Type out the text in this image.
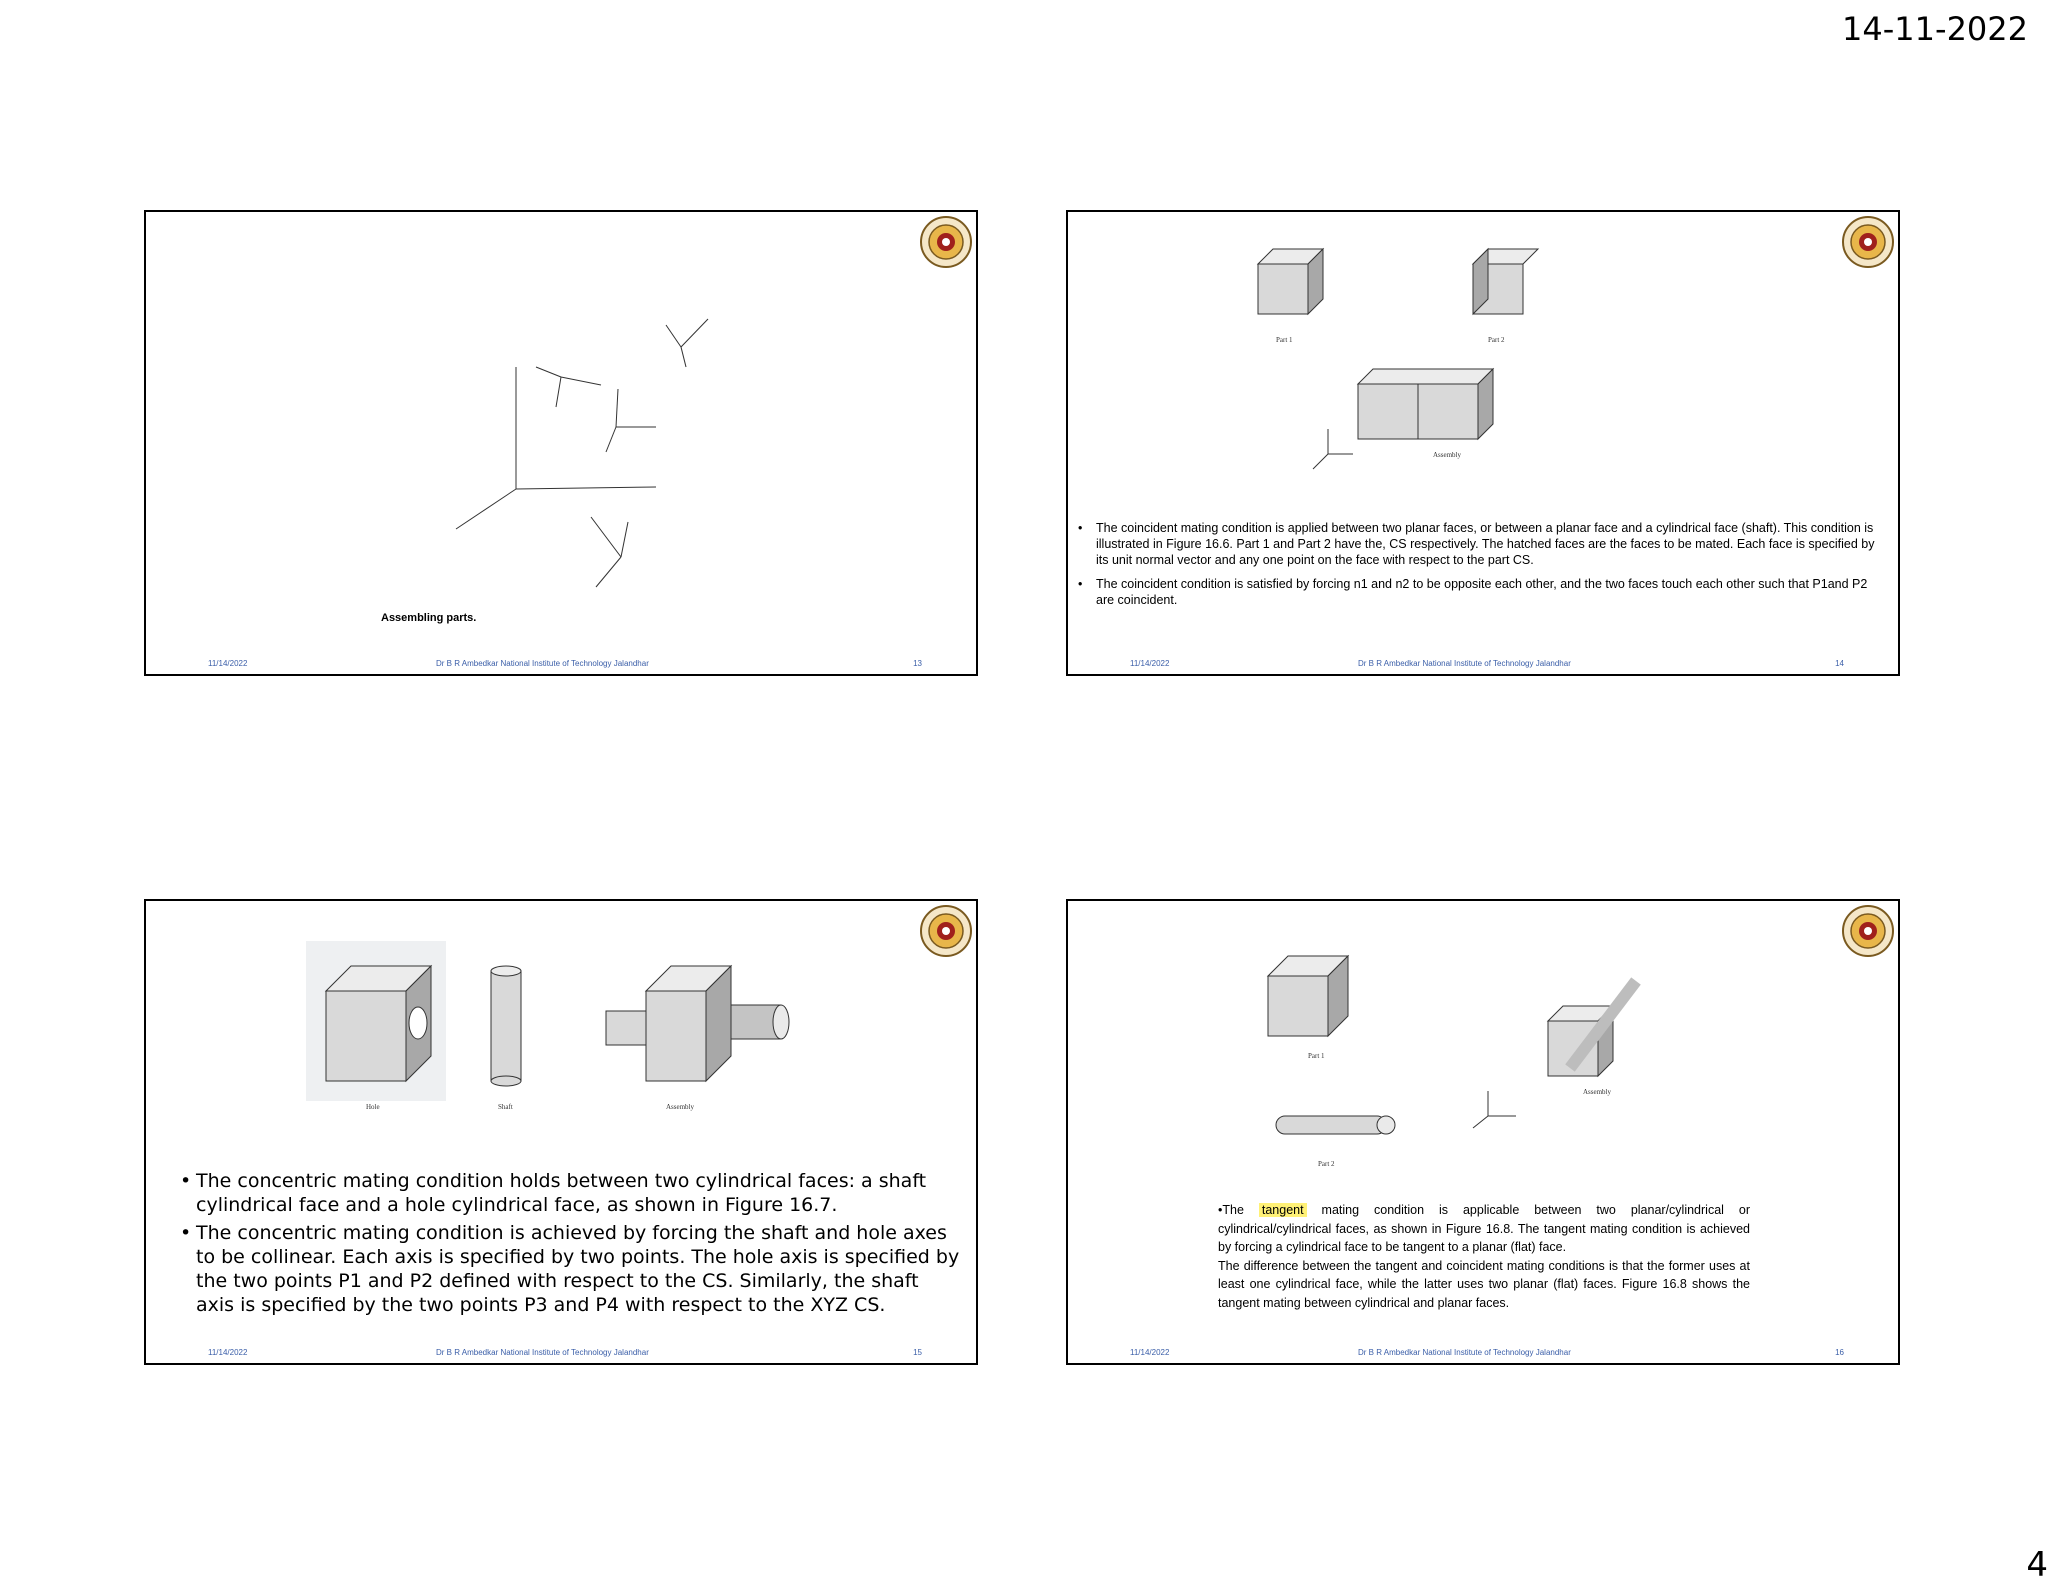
14-11-2022
Assembling parts.
11/14/2022	Dr B R Ambedkar National Institute of Technology Jalandhar	13
Part 1	Part 2
Assembly
• The coincident mating condition is applied between two planar faces, or between a planar face and a cylindrical face (shaft). This condition is illustrated in Figure 16.6. Part 1 and Part 2 have the, CS respectively. The hatched faces are the faces to be mated. Each face is specified by its unit normal vector and any one point on the face with respect to the part CS.
• The coincident condition is satisfied by forcing n1 and n2 to be opposite each other, and the two faces touch each other such that P1and P2 are coincident.
11/14/2022	Dr B R Ambedkar National Institute of Technology Jalandhar	14
Hole	Shaft	Assembly
• The concentric mating condition holds between two cylindrical faces: a shaft cylindrical face and a hole cylindrical face, as shown in Figure 16.7.
• The concentric mating condition is achieved by forcing the shaft and hole axes to be collinear. Each axis is specified by two points. The hole axis is specified by the two points P1 and P2 defined with respect to the CS. Similarly, the shaft axis is specified by the two points P3 and P4 with respect to the XYZ CS.
11/14/2022	Dr B R Ambedkar National Institute of Technology Jalandhar	15
Part 1
Part 2
Assembly
•The tangent mating condition is applicable between two planar/cylindrical or cylindrical/cylindrical faces, as shown in Figure 16.8. The tangent mating condition is achieved by forcing a cylindrical face to be tangent to a planar (flat) face.
The difference between the tangent and coincident mating conditions is that the former uses at least one cylindrical face, while the latter uses two planar (flat) faces. Figure 16.8 shows the tangent mating between cylindrical and planar faces.
11/14/2022	Dr B R Ambedkar National Institute of Technology Jalandhar	16
4
